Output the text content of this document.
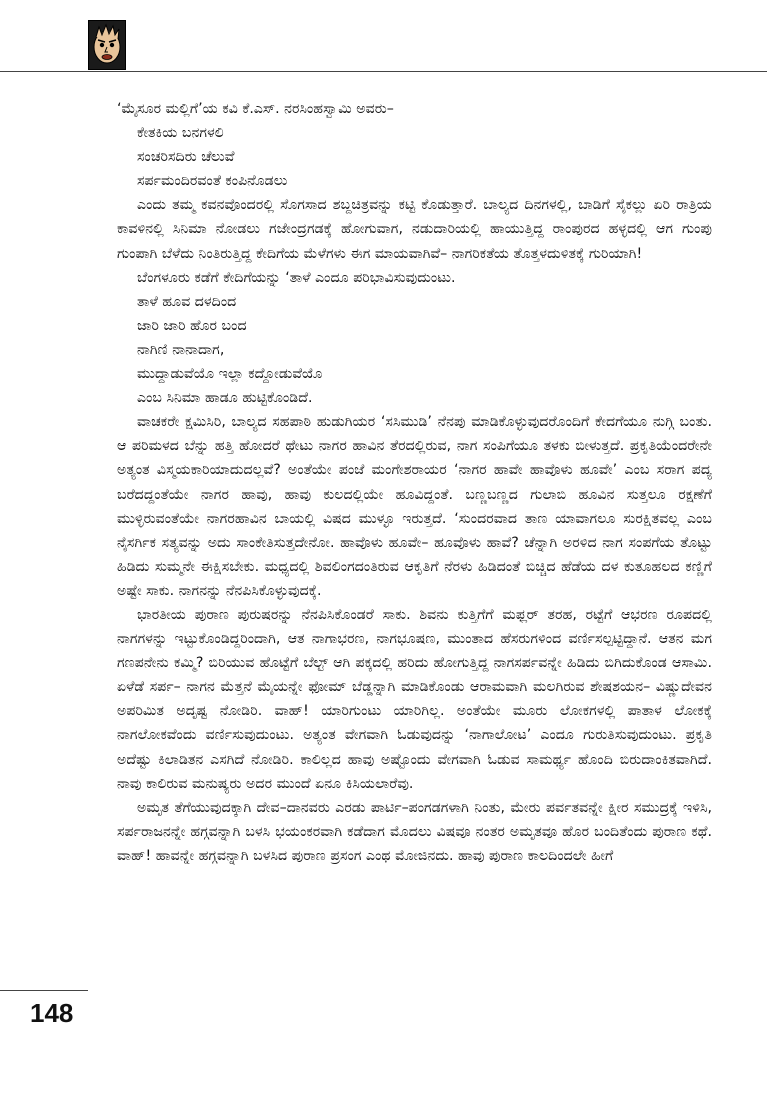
‘ಮೈಸೂರ ಮಲ್ಲಿಗೆ’ಯ ಕವಿ ಕೆ.ಎಸ್. ನರಸಿಂಹಸ್ವಾಮಿ ಅವರು–

ಕೇತಕಿಯ ಬನಗಳಲಿ
ಸಂಚರಿಸದಿರು ಚೆಲುವೆ
ಸರ್ಪಮಂದಿರವಂತೆ ಕಂಪಿನೊಡಲು

ಎಂದು ತಮ್ಮ ಕವನವೊಂದರಲ್ಲಿ ಸೊಗಸಾದ ಶಬ್ದಚಿತ್ರವನ್ನು ಕಟ್ಟಿ ಕೊಡುತ್ತಾರೆ. ಬಾಲ್ಯದ ದಿನಗಳಲ್ಲಿ, ಬಾಡಿಗೆ ಸೈಕಲ್ಲು ಏರಿ ರಾತ್ರಿಯ ಕಾವಳಿನಲ್ಲಿ ಸಿನಿಮಾ ನೋಡಲು ಗಜೇಂದ್ರಗಡಕ್ಕೆ ಹೋಗುವಾಗ, ನಡುದಾರಿಯಲ್ಲಿ ಹಾಯುತ್ತಿದ್ದ ರಾಂಪುರದ ಹಳ್ಳದಲ್ಲಿ ಆಗ ಗುಂಪು ಗುಂಪಾಗಿ ಬೆಳೆದು ನಿಂತಿರುತ್ತಿದ್ದ ಕೇದಿಗೆಯ ಮೆಳೆಗಳು ಈಗ ಮಾಯವಾಗಿವೆ– ನಾಗರಿಕತೆಯ ತೊತ್ತಳದುಳಿತಕ್ಕೆ ಗುರಿಯಾಗಿ!

ಬೆಂಗಳೂರು ಕಡೆಗೆ ಕೇದಿಗೆಯನ್ನು ‘ತಾಳೆ ಎಂದೂ ಪರಿಭಾವಿಸುವುದುಂಟು.

ತಾಳೆ ಹೂವ ದಳದಿಂದ
ಜಾರಿ ಜಾರಿ ಹೊರ ಬಂದ
ನಾಗಿಣಿ ನಾನಾದಾಗ,
ಮುದ್ದಾಡುವೆಯೊ ಇಲ್ಲಾ ಕದ್ದೋಡುವೆಯೊ

ಎಂಬ ಸಿನಿಮಾ ಹಾಡೂ ಹುಟ್ಟಿಕೊಂಡಿದೆ.

ವಾಚಕರೇ ಕ್ಷಮಿಸಿರಿ, ಬಾಲ್ಯದ ಸಹಪಾಠಿ ಹುಡುಗಿಯರ ‘ಸಸಿಮುಡಿ’ ನೆನಪು ಮಾಡಿಕೊಳ್ಳುವುದರೊಂದಿಗೆ ಕೇದಗೆಯೂ ನುಗ್ಗಿ ಬಂತು. ಆ ಪರಿಮಳದ ಬೆನ್ನು ಹತ್ತಿ ಹೋದರೆ ಥೇಟು ನಾಗರ ಹಾವಿನ ತೆರದಲ್ಲಿರುವ, ನಾಗ ಸಂಪಿಗೆಯೂ ತಳಕು ಬೀಳುತ್ತದೆ. ಪ್ರಕೃತಿಯೆಂದರೇನೇ ಅತ್ಯಂತ ವಿಸ್ಮಯಕಾರಿಯಾದುದಲ್ಲವೆ? ಅಂತೆಯೇ ಪಂಜೆ ಮಂಗೇಶರಾಯರ ‘ನಾಗರ ಹಾವೇ ಹಾವೊಳು ಹೂವೇ’ ಎಂಬ ಸರಾಗ ಪದ್ಯ ಬರೆದದ್ದಂತೆಯೇ ನಾಗರ ಹಾವು, ಹಾವು ಕುಲದಲ್ಲಿಯೇ ಹೂವಿದ್ದಂತೆ. ಬಣ್ಣಬಣ್ಣದ ಗುಲಾಬಿ ಹೂವಿನ ಸುತ್ತಲೂ ರಕ್ಷಣೆಗೆ ಮುಳ್ಳಿರುವಂತೆಯೇ ನಾಗರಹಾವಿನ ಬಾಯಲ್ಲಿ ವಿಷದ ಮುಳ್ಳೂ ಇರುತ್ತದೆ. ‘ಸುಂದರವಾದ ತಾಣ ಯಾವಾಗಲೂ ಸುರಕ್ಷಿತವಲ್ಲ ಎಂಬ ನೈಸರ್ಗಿಕ ಸತ್ಯವನ್ನು ಅದು ಸಾಂಕೇತಿಸುತ್ತದೇನೋ. ಹಾವೊಳು ಹೂವೇ– ಹೂವೊಳು ಹಾವೆ? ಚೆನ್ನಾಗಿ ಅರಳಿದ ನಾಗ ಸಂಪಗೆಯ ತೊಟ್ಟು ಹಿಡಿದು ಸುಮ್ಮನೇ ಈಕ್ಷಿಸಬೇಕು. ಮಧ್ಯದಲ್ಲಿ ಶಿವಲಿಂಗದಂತಿರುವ ಆಕೃತಿಗೆ ನೆರಳು ಹಿಡಿದಂತೆ ಬಿಚ್ಚಿದ ಹೆಡೆಯ ದಳ ಕುತೂಹಲದ ಕಣ್ಣಿಗೆ ಅಷ್ಟೇ ಸಾಕು. ನಾಗನನ್ನು ನೆನಪಿಸಿಕೊಳ್ಳುವುದಕ್ಕೆ.

ಭಾರತೀಯ ಪುರಾಣ ಪುರುಷರನ್ನು ನೆನಪಿಸಿಕೊಂಡರೆ ಸಾಕು. ಶಿವನು ಕುತ್ತಿಗೆಗೆ ಮಫ್ಲರ್ ತರಹ, ರಟ್ಟೆಗೆ ಆಭರಣ ರೂಪದಲ್ಲಿ ನಾಗಗಳನ್ನು ಇಟ್ಟುಕೊಂಡಿದ್ದರಿಂದಾಗಿ, ಆತ ನಾಗಾಭರಣ, ನಾಗಭೂಷಣ, ಮುಂತಾದ ಹೆಸರುಗಳಿಂದ ವರ್ಣಿಸಲ್ಪಟ್ಟಿದ್ದಾನೆ. ಆತನ ಮಗ ಗಣಪನೇನು ಕಮ್ಮಿ? ಬಿರಿಯುವ ಹೊಟ್ಟೆಗೆ ಬೆಲ್ಟ್ ಆಗಿ ಪಕ್ಕದಲ್ಲಿ ಹರಿದು ಹೋಗುತ್ತಿದ್ದ ನಾಗಸರ್ಪವನ್ನೇ ಹಿಡಿದು ಬಿಗಿದುಕೊಂಡ ಆಸಾಮಿ. ಏಳೆಡೆ ಸರ್ಪ– ನಾಗನ ಮೆತ್ತನೆ ಮೈಯನ್ನೇ ಫೋಮ್ ಬೆಡ್ಡನ್ನಾಗಿ ಮಾಡಿಕೊಂಡು ಆರಾಮವಾಗಿ ಮಲಗಿರುವ ಶೇಷಶಯನ– ವಿಷ್ಣುದೇವನ ಅಪರಿಮಿತ ಅದೃಷ್ಟ ನೋಡಿರಿ. ವಾಹ್! ಯಾರಿಗುಂಟು ಯಾರಿಗಿಲ್ಲ. ಅಂತೆಯೇ ಮೂರು ಲೋಕಗಳಲ್ಲಿ ಪಾತಾಳ ಲೋಕಕ್ಕೆ ನಾಗಲೋಕವೆಂದು ವರ್ಣಿಸುವುದುಂಟು. ಅತ್ಯಂತ ವೇಗವಾಗಿ ಓಡುವುದನ್ನು ‘ನಾಗಾಲೋಟ’ ಎಂದೂ ಗುರುತಿಸುವುದುಂಟು. ಪ್ರಕೃತಿ ಅದೆಷ್ಟು ಕಿಲಾಡಿತನ ಎಸಗಿದೆ ನೋಡಿರಿ. ಕಾಲಿಲ್ಲದ ಹಾವು ಅಷ್ಟೊಂದು ವೇಗವಾಗಿ ಓಡುವ ಸಾಮರ್ಥ್ಯ ಹೊಂದಿ ಬಿರುದಾಂಕಿತವಾಗಿದೆ. ನಾವು ಕಾಲಿರುವ ಮನುಷ್ಯರು ಅದರ ಮುಂದೆ ಏನೂ ಕಿಸಿಯಲಾರೆವು.

ಅಮೃತ ತೆಗೆಯುವುದಕ್ಕಾಗಿ ದೇವ–ದಾನವರು ಎರಡು ಪಾರ್ಟಿ–ಪಂಗಡಗಳಾಗಿ ನಿಂತು, ಮೇರು ಪರ್ವತವನ್ನೇ ಕ್ಷೀರ ಸಮುದ್ರಕ್ಕೆ ಇಳಿಸಿ, ಸರ್ಪರಾಜನನ್ನೇ ಹಗ್ಗವನ್ನಾಗಿ ಬಳಸಿ ಭಯಂಕರವಾಗಿ ಕಡೆದಾಗ ಮೊದಲು ವಿಷವೂ ನಂತರ ಅಮೃತವೂ ಹೊರ ಬಂದಿತೆಂದು ಪುರಾಣ ಕಥೆ. ವಾಹ್! ಹಾವನ್ನೇ ಹಗ್ಗವನ್ನಾಗಿ ಬಳಸಿದ ಪುರಾಣ ಪ್ರಸಂಗ ಎಂಥ ಮೋಜಿನದು. ಹಾವು ಪುರಾಣ ಕಾಲದಿಂದಲೇ ಹೀಗೆ

148
